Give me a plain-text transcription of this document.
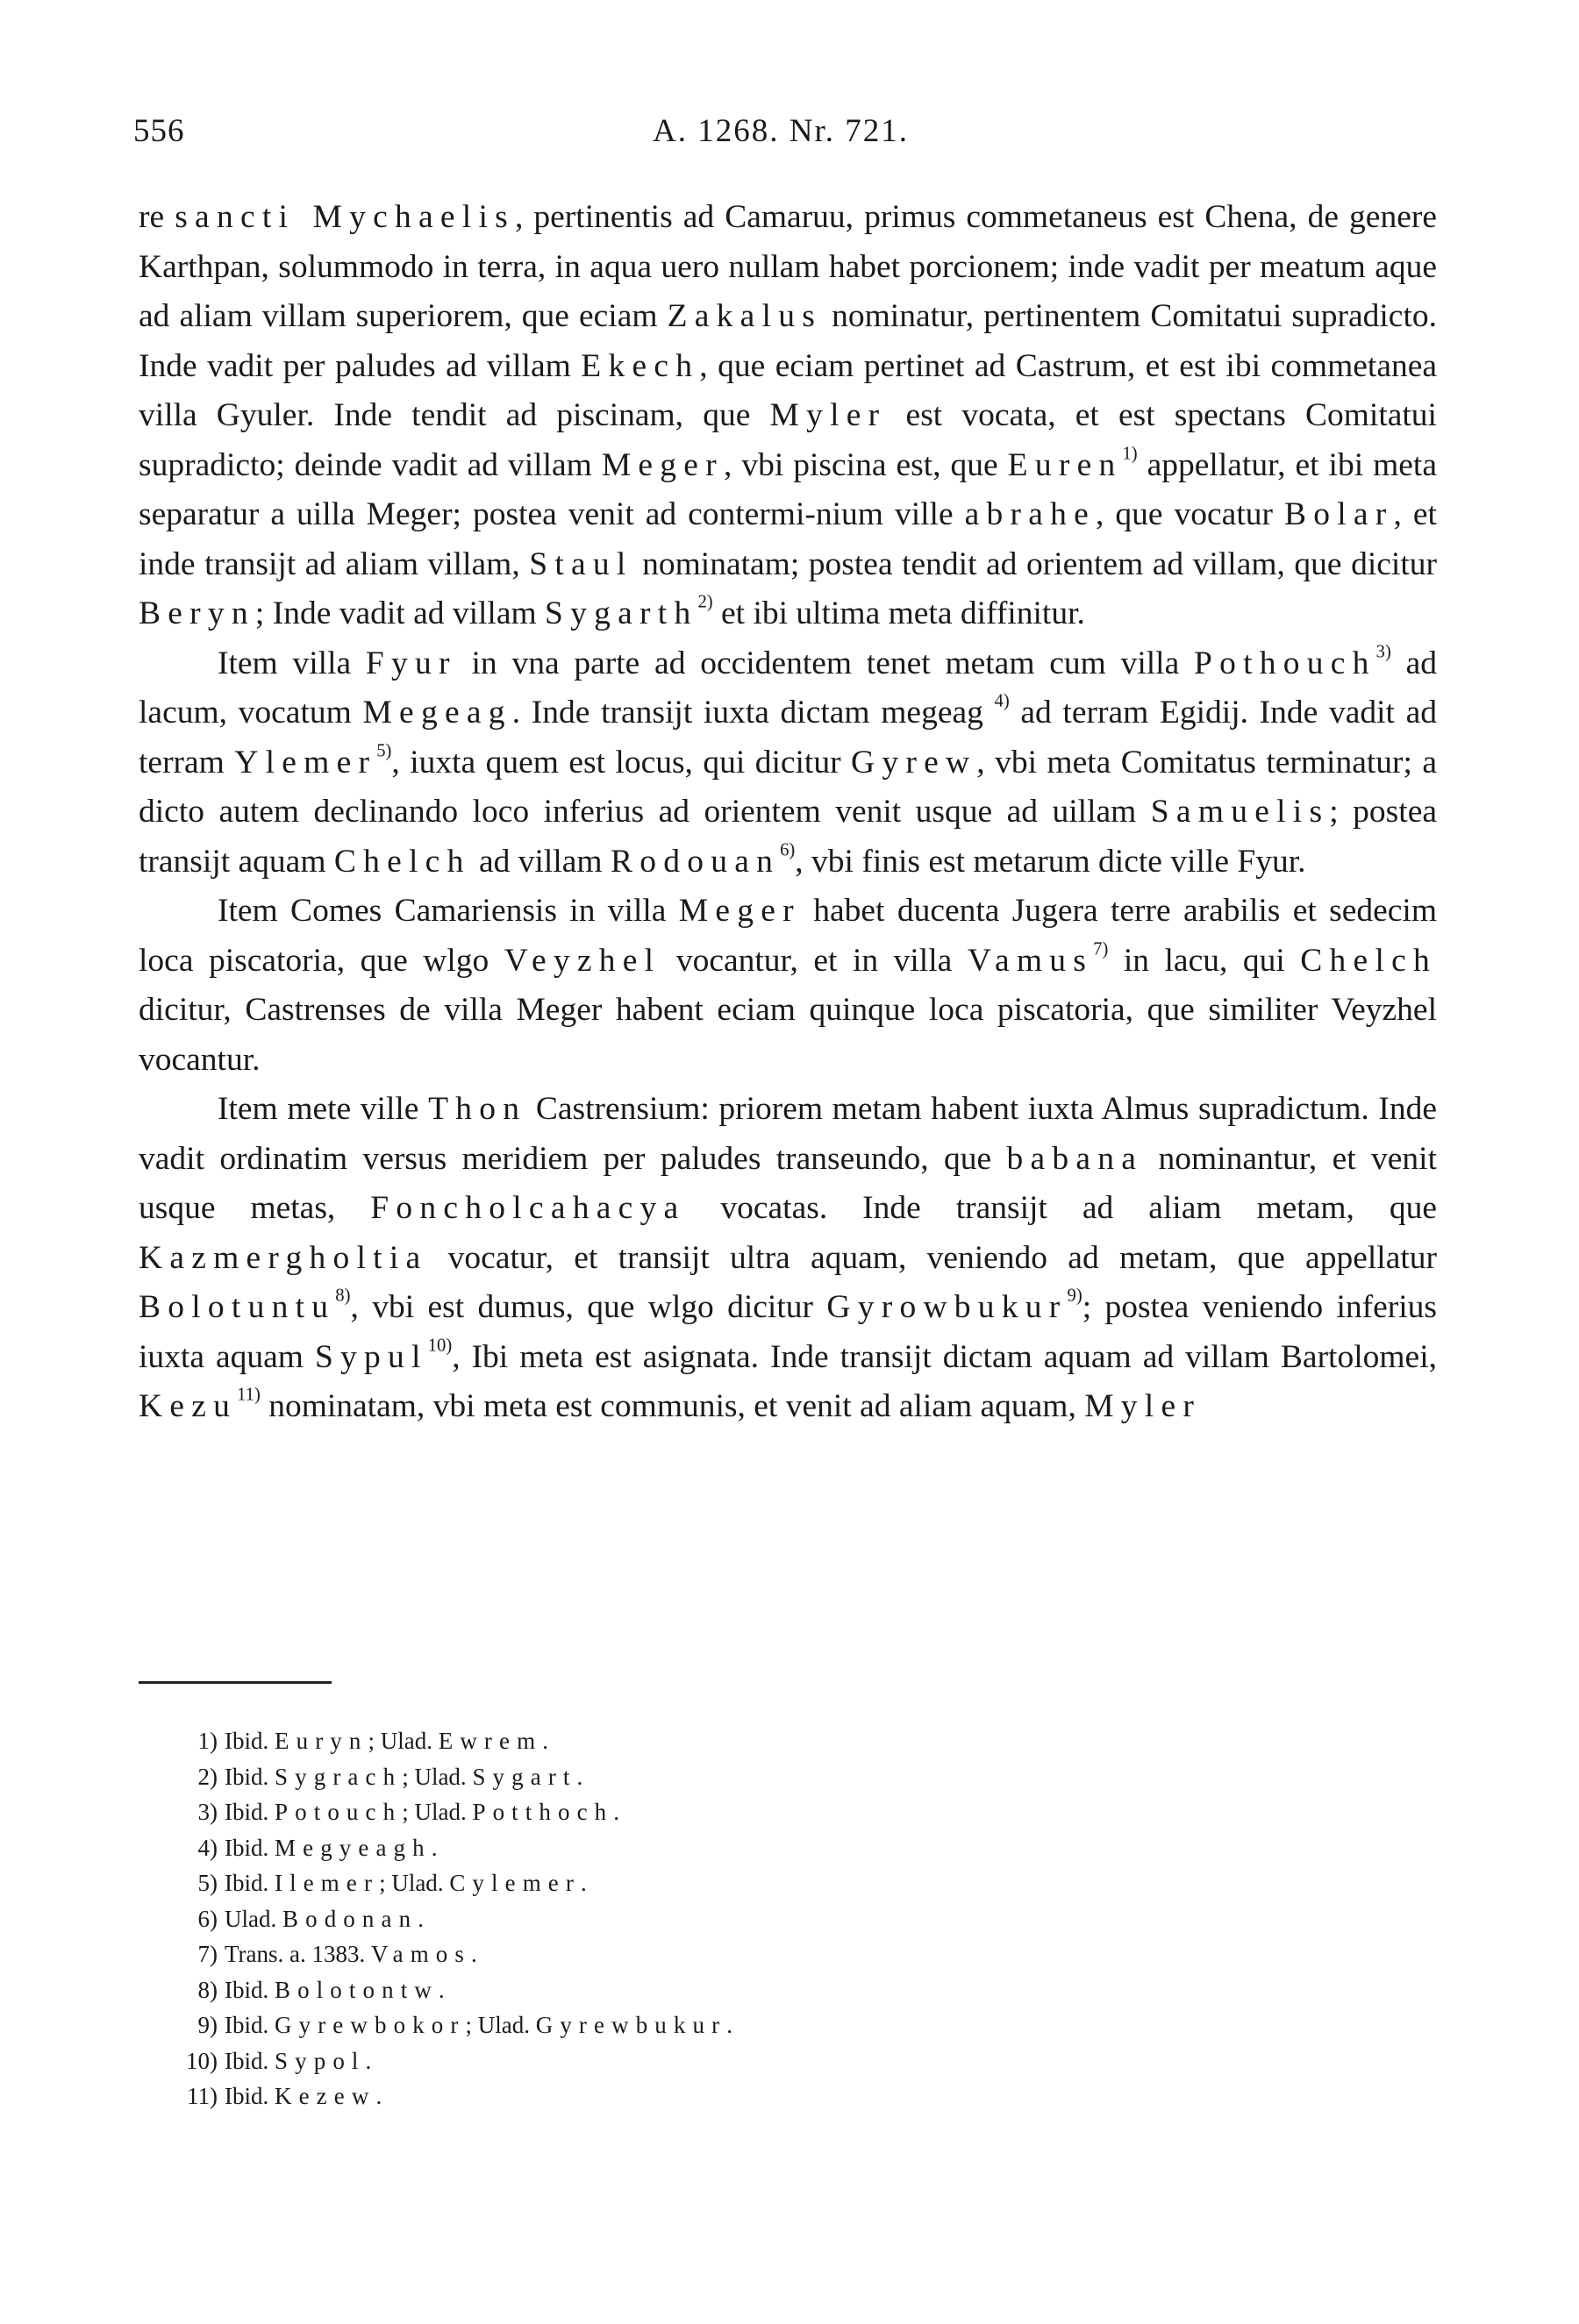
556	A. 1268. Nr. 721.

re sancti Mychaelis, pertinentis ad Camaruu, primus commetaneus est Chena, de genere Karthpan, solummodo in terra, in aqua uero nullam habet porcionem; inde vadit per meatum aque ad aliam villam superiorem, que eciam Zakalus nominatur, pertinentem Comitatui supradicto. Inde vadit per paludes ad villam Ekech, que eciam pertinet ad Castrum, et est ibi commetanea villa Gyuler. Inde tendit ad piscinam, que Myler est vocata, et est spectans Comitatui supradicto; deinde vadit ad villam Meger, vbi piscina est, que Euren$^{1)}$ appellatur, et ibi meta separatur a uilla Meger; postea venit ad contermi-nium ville abrahe, que vocatur Bolar, et inde transijt ad aliam villam, Staul nominatam; postea tendit ad orientem ad villam, que dicitur Beryn; Inde vadit ad villam Sygarth$^{2)}$ et ibi ultima meta diffinitur.

Item villa Fyur in vna parte ad occidentem tenet metam cum villa Pothouch$^{3)}$ ad lacum, vocatum Megeag. Inde transijt iuxta dictam megeag $^{4)}$ ad terram Egidij. Inde vadit ad terram Ylemer$^{5)}$, iuxta quem est locus, qui dicitur Gyrew, vbi meta Comitatus terminatur; a dicto autem declinando loco inferius ad orientem venit usque ad uillam Samuelis; postea transijt aquam Chelch ad villam Rodouan$^{6)}$, vbi finis est metarum dicte ville Fyur.

Item Comes Camariensis in villa Meger habet ducenta Jugera terre arabilis et sedecim loca piscatoria, que wlgo Veyzhel vocantur, et in villa Vamus$^{7)}$ in lacu, qui Chelch dicitur, Castrenses de villa Meger habent eciam quinque loca piscatoria, que similiter Veyzhel vocantur.

Item mete ville Thon Castrensium: priorem metam habent iuxta Almus supradictum. Inde vadit ordinatim versus meridiem per paludes transeundo, que babana nominantur, et venit usque metas, Foncholcahacya vocatas. Inde transijt ad aliam metam, que Kazmergholtia vocatur, et transijt ultra aquam, veniendo ad metam, que appellatur Bolotuntu$^{8)}$, vbi est dumus, que wlgo dicitur Gyrowbukur$^{9)}$; postea veniendo inferius iuxta aquam Sypul$^{10)}$, Ibi meta est asignata. Inde transijt dictam aquam ad villam Bartolomei, Kezu$^{11)}$ nominatam, vbi meta est communis, et venit ad aliam aquam, Myler

1) Ibid. Euryn; Ulad. Ewrem.
2) Ibid. Sygrach; Ulad. Sygart.
3) Ibid. Potouch; Ulad. Potthoch.
4) Ibid. Megyeagh.
5) Ibid. Ilemer; Ulad. Cylemer.
6) Ulad. Bodonan.
7) Trans. a. 1383. Vamos.
8) Ibid. Bolotontw.
9) Ibid. Gyrewbokor; Ulad. Gyrewbukur.
10) Ibid. Sypol.
11) Ibid. Kezew.
